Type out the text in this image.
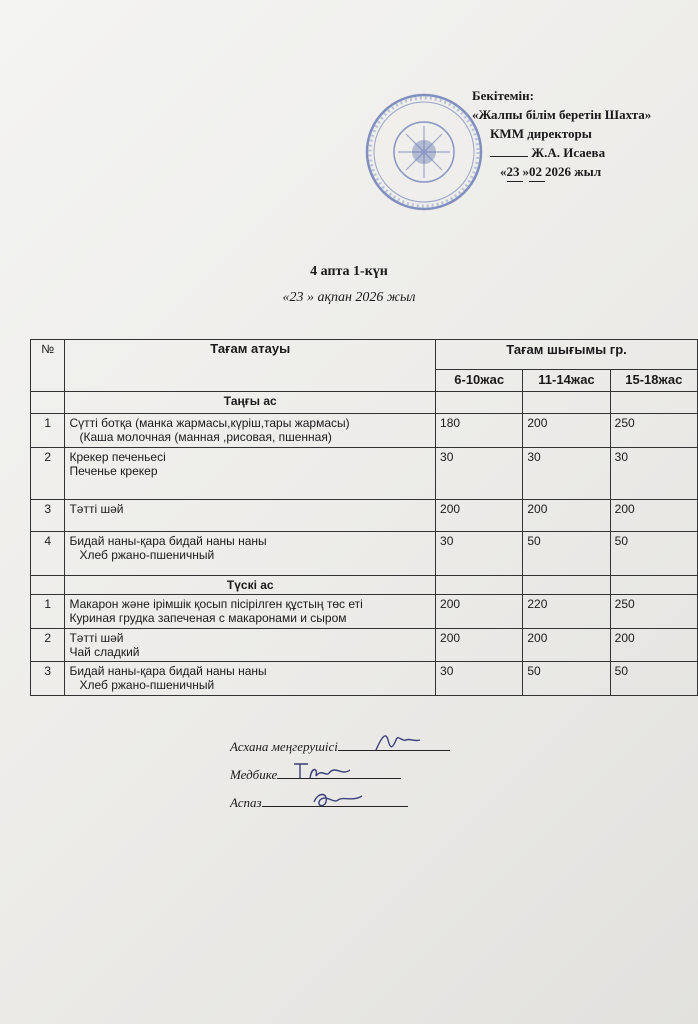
Бекітемін:
«Жалпы білім беретін Шахта»
КММ директоры
Ж.А. Исаева
«23 »02 2026 жыл
4 апта 1-күн
«23 » ақпан 2026 жыл
№	Тағам атауы	Тағам шығымы гр.		
		6-10жас	11-14жас	15-18жас
	Таңғы ас			
1	Сүтті ботқа (манка жармасы,күріш,тары жармасы)
(Каша молочная (манная ,рисовая, пшенная)	180	200	250
2	Крекер печеньесі
Печенье крекер	30	30	30
3	Тәтті шәй	200	200	200
4	Бидай наны-қара бидай наны наны
Хлеб ржано-пшеничный	30	50	50
	Түскі ас			
1	Макарон және ірімшік қосып пісірілген құстың төс еті
Куриная грудка запеченая с макаронами и сыром	200	220	250
2	Тәтті шәй
Чай сладкий	200	200	200
3	Бидай наны-қара бидай наны наны
Хлеб ржано-пшеничный	30	50	50
Асхана меңгерушісі
Медбике
Аспаз
